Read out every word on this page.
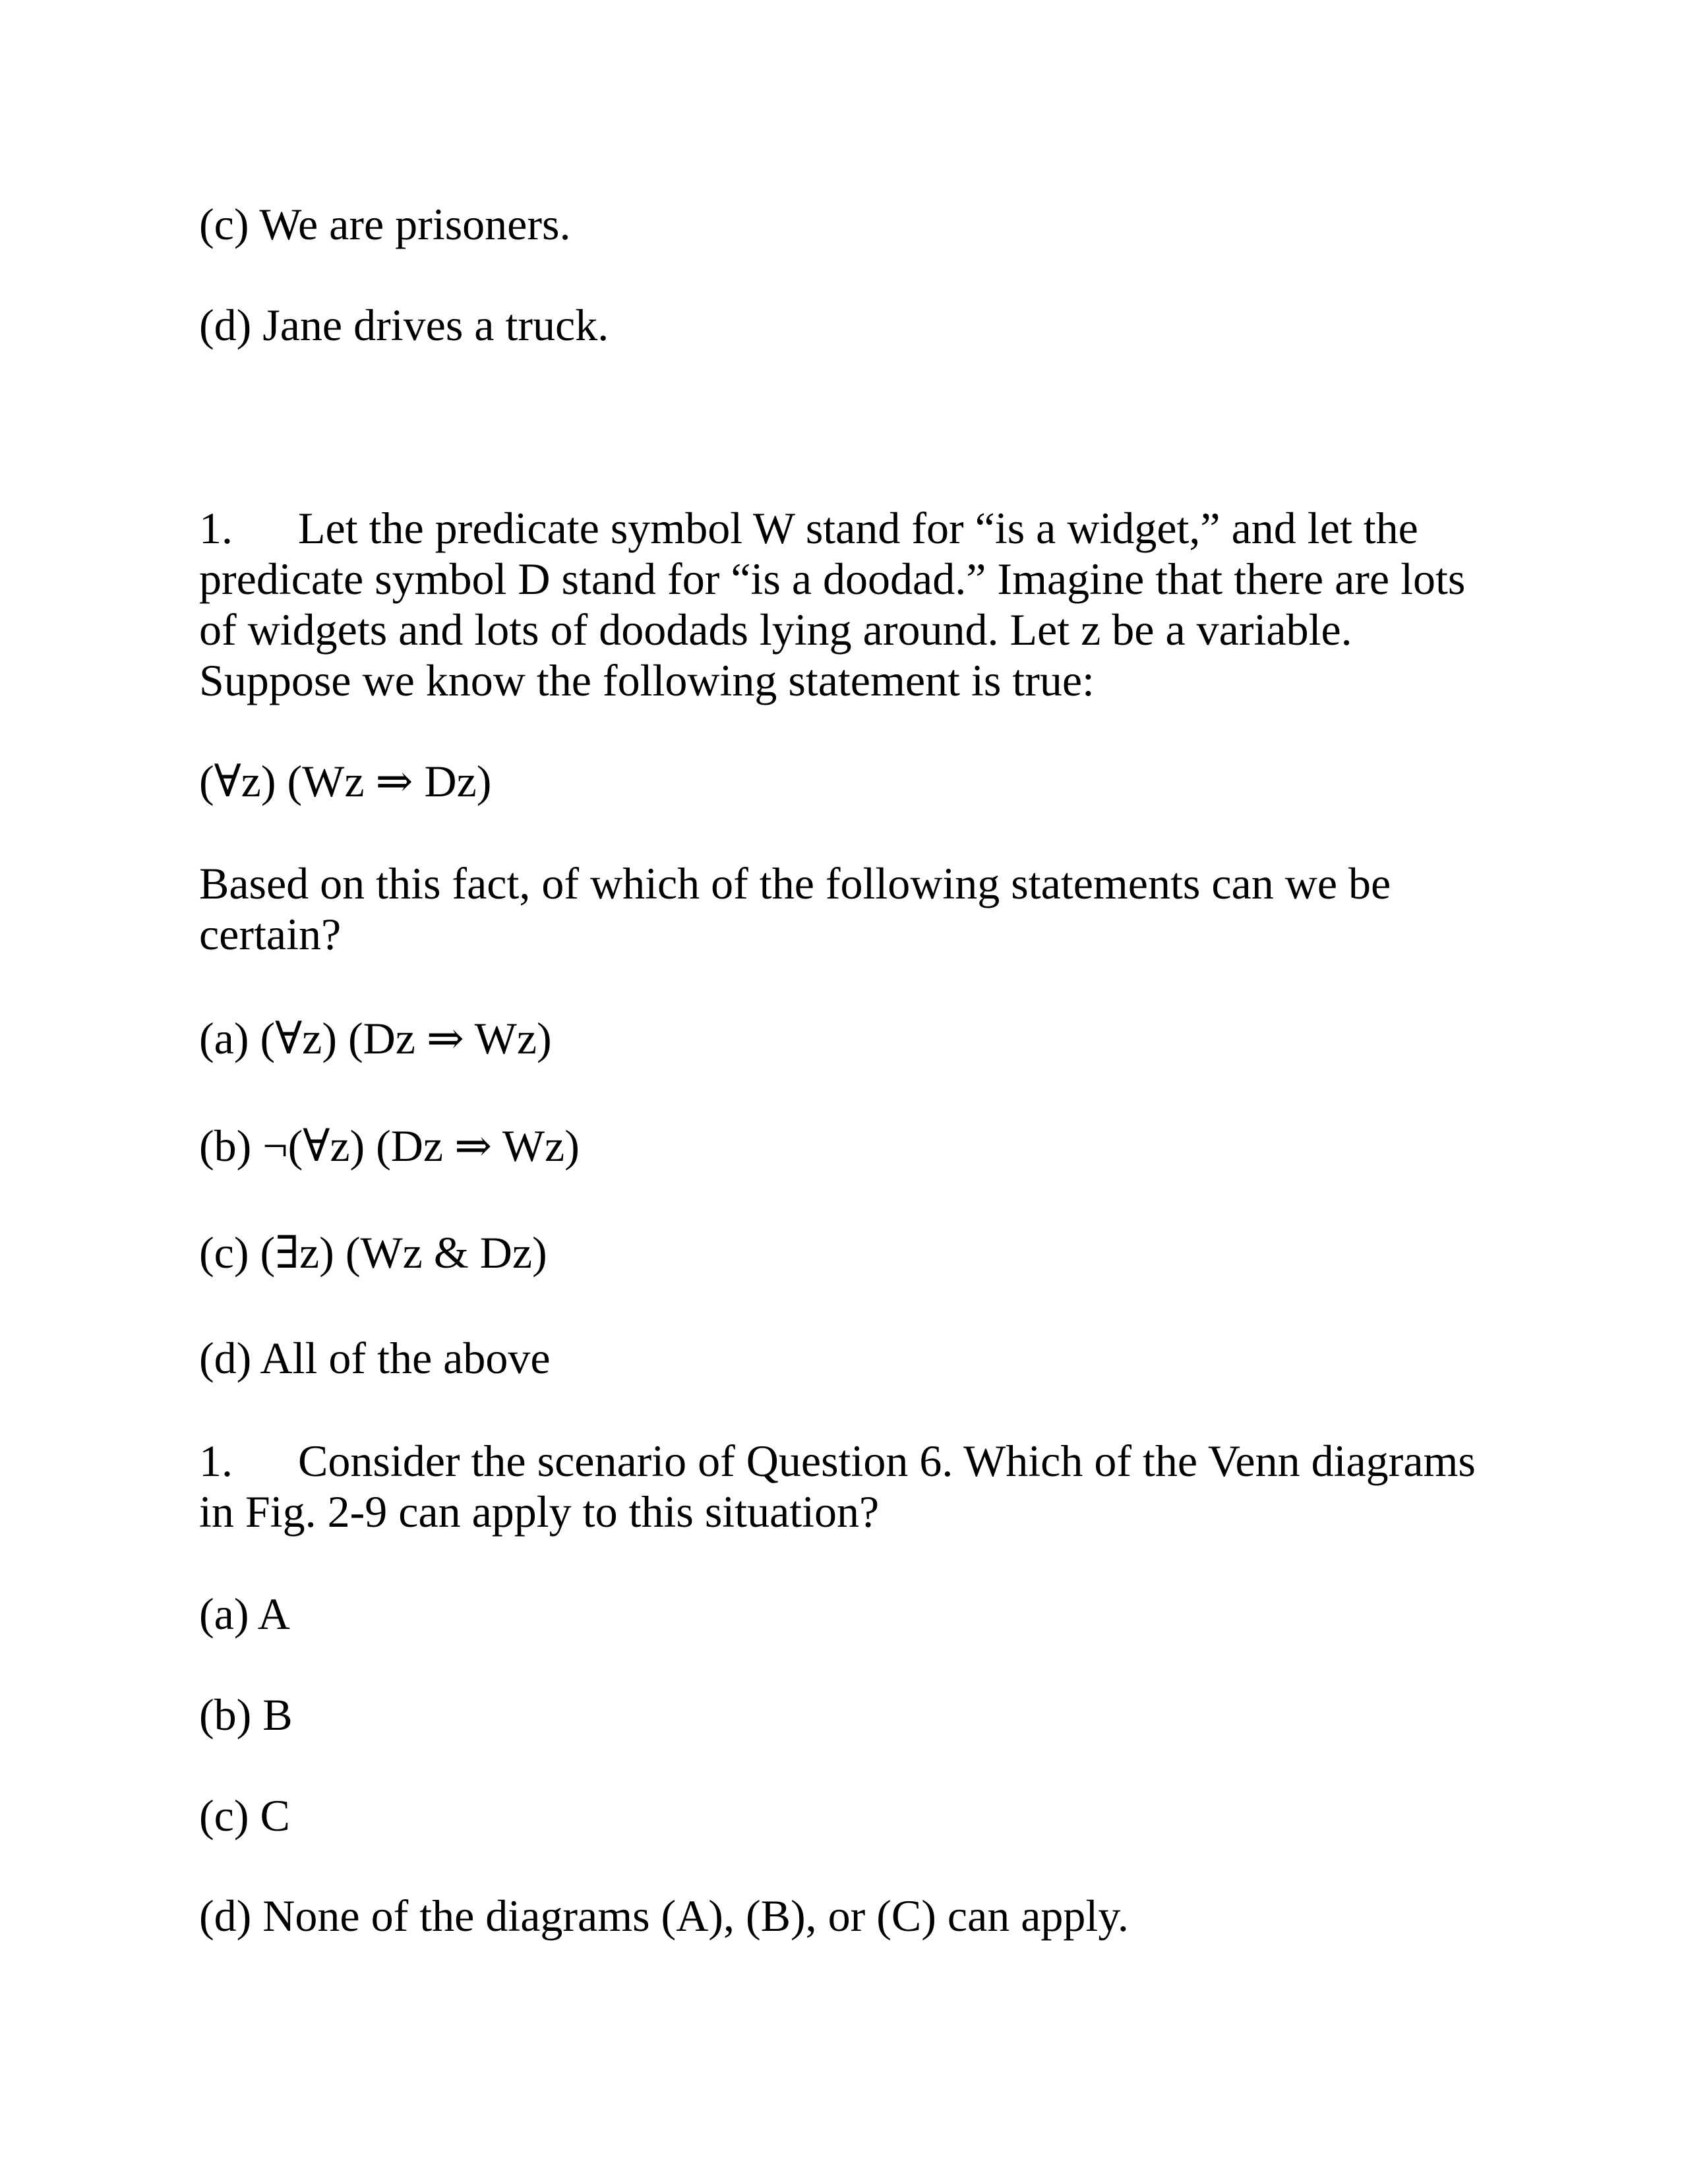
(c) We are prisoners.

(d) Jane drives a truck.

1. Let the predicate symbol W stand for “is a widget,” and let the
predicate symbol D stand for “is a doodad.” Imagine that there are lots
of widgets and lots of doodads lying around. Let z be a variable.
Suppose we know the following statement is true:

(∀z) (Wz ⇒ Dz)

Based on this fact, of which of the following statements can we be
certain?

(a) (∀z) (Dz ⇒ Wz)

(b) ¬(∀z) (Dz ⇒ Wz)

(c) (∃z) (Wz & Dz)

(d) All of the above

1. Consider the scenario of Question 6. Which of the Venn diagrams
in Fig. 2-9 can apply to this situation?

(a) A

(b) B

(c) C

(d) None of the diagrams (A), (B), or (C) can apply.
